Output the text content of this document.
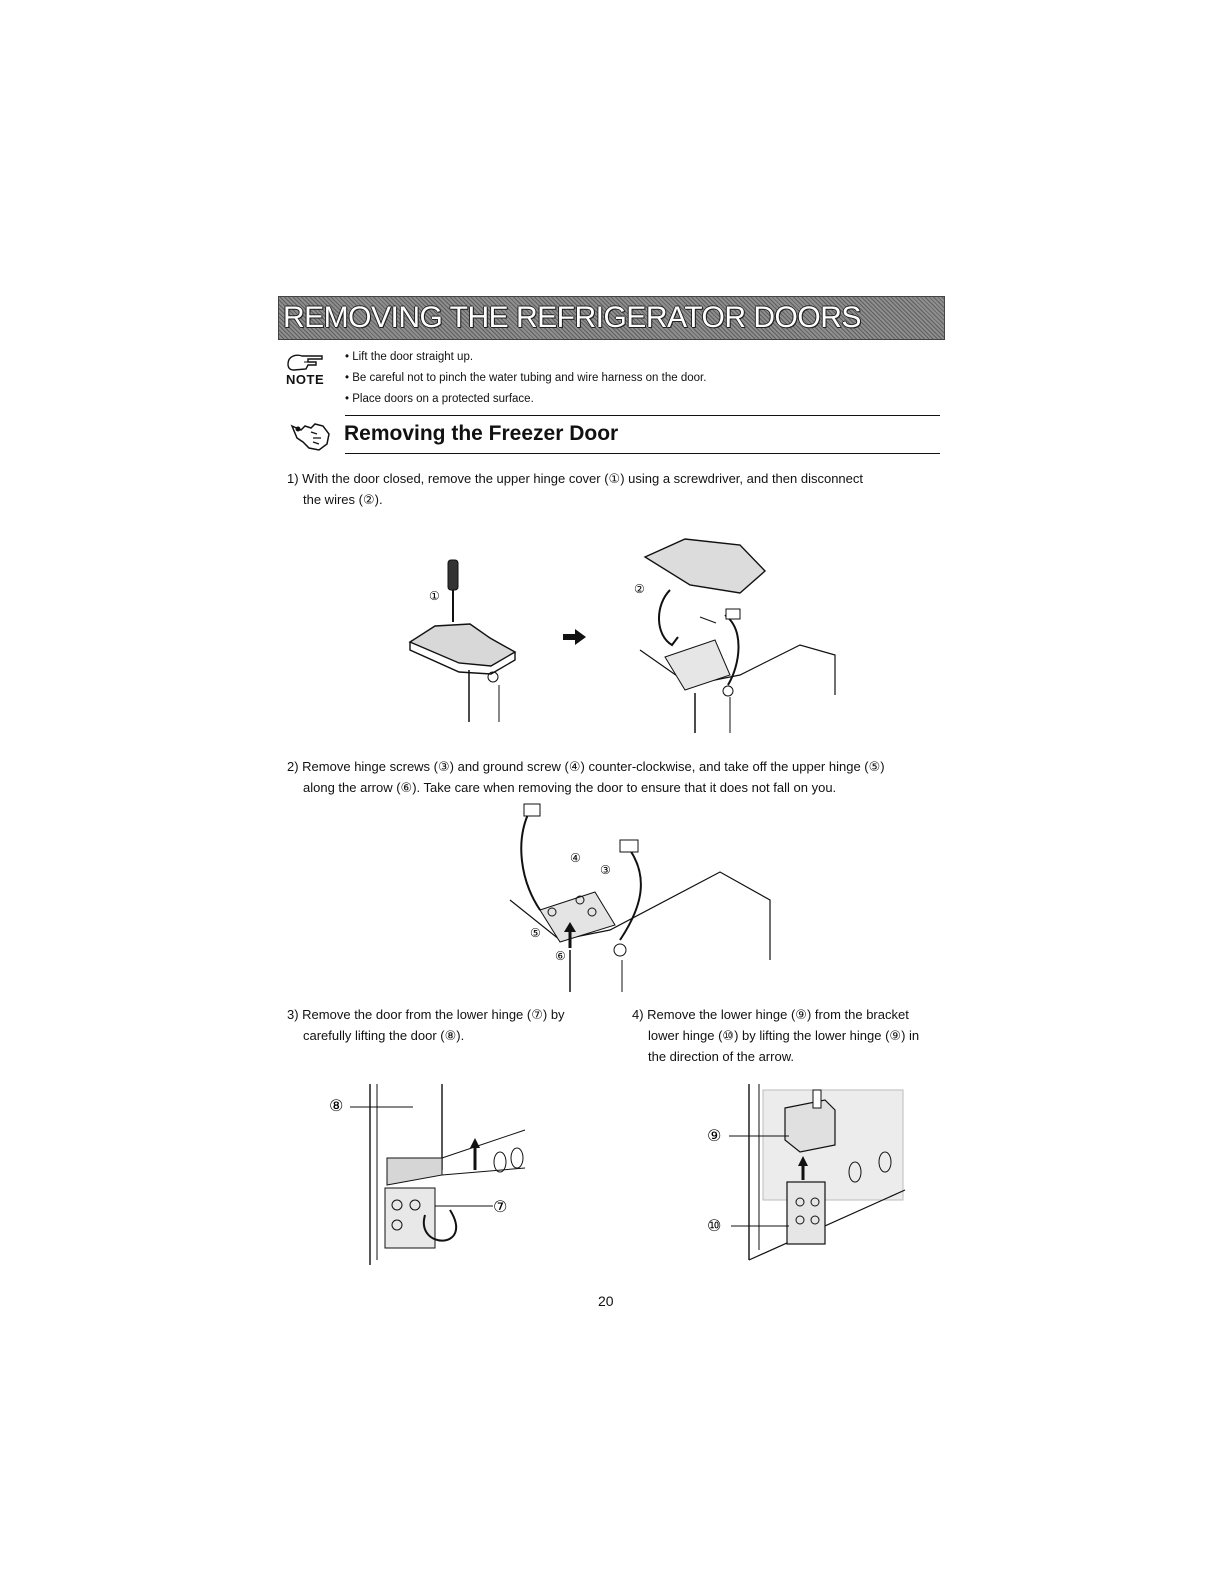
REMOVING THE REFRIGERATOR DOORS
NOTE
• Lift the door straight up.
• Be careful not to pinch the water tubing and wire harness on the door.
• Place doors on a protected surface.
Removing the Freezer Door
1) With the door closed, remove the upper hinge cover (①) using a screwdriver, and then disconnect
the wires (②).
①	②
2) Remove hinge screws (③) and ground screw (④) counter-clockwise, and take off the upper hinge (⑤)
along the arrow (⑥). Take care when removing the door to ensure that it does not fall on you.
④
③
⑤
⑥
3) Remove the door from the lower hinge (⑦) by
carefully lifting the door (⑧).
4) Remove the lower hinge (⑨) from the bracket
lower hinge (⑩) by lifting the lower hinge (⑨) in
the direction of the arrow.
⑧
⑦
⑨
⑩
20
